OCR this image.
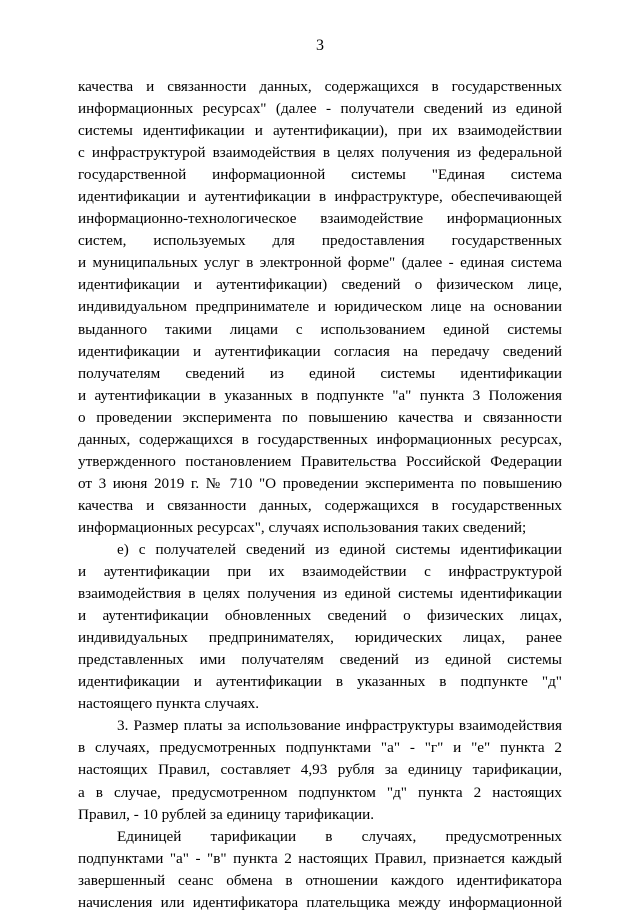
3
качества и связанности данных, содержащихся в государственных
информационных ресурсах" (далее - получатели сведений из единой
системы идентификации и аутентификации), при их взаимодействии
с инфраструктурой взаимодействия в целях получения из федеральной
государственной информационной системы "Единая система
идентификации и аутентификации в инфраструктуре, обеспечивающей
информационно-технологическое взаимодействие информационных
систем, используемых для предоставления государственных
и муниципальных услуг в электронной форме" (далее - единая система
идентификации и аутентификации) сведений о физическом лице,
индивидуальном предпринимателе и юридическом лице на основании
выданного такими лицами с использованием единой системы
идентификации и аутентификации согласия на передачу сведений
получателям сведений из единой системы идентификации
и аутентификации в указанных в подпункте "а" пункта 3 Положения
о проведении эксперимента по повышению качества и связанности
данных, содержащихся в государственных информационных ресурсах,
утвержденного постановлением Правительства Российской Федерации
от 3 июня 2019 г. № 710 "О проведении эксперимента по повышению
качества и связанности данных, содержащихся в государственных
информационных ресурсах", случаях использования таких сведений;
е) с получателей сведений из единой системы идентификации
и аутентификации при их взаимодействии с инфраструктурой
взаимодействия в целях получения из единой системы идентификации
и аутентификации обновленных сведений о физических лицах,
индивидуальных предпринимателях, юридических лицах, ранее
представленных ими получателям сведений из единой системы
идентификации и аутентификации в указанных в подпункте "д"
настоящего пункта случаях.
3. Размер платы за использование инфраструктуры взаимодействия
в случаях, предусмотренных подпунктами "а" - "г" и "е" пункта 2
настоящих Правил, составляет 4,93 рубля за единицу тарификации,
а в случае, предусмотренном подпунктом "д" пункта 2 настоящих
Правил, - 10 рублей за единицу тарификации.
Единицей тарификации в случаях, предусмотренных
подпунктами "а" - "в" пункта 2 настоящих Правил, признается каждый
завершенный сеанс обмена в отношении каждого идентификатора
начисления или идентификатора плательщика между информационной
